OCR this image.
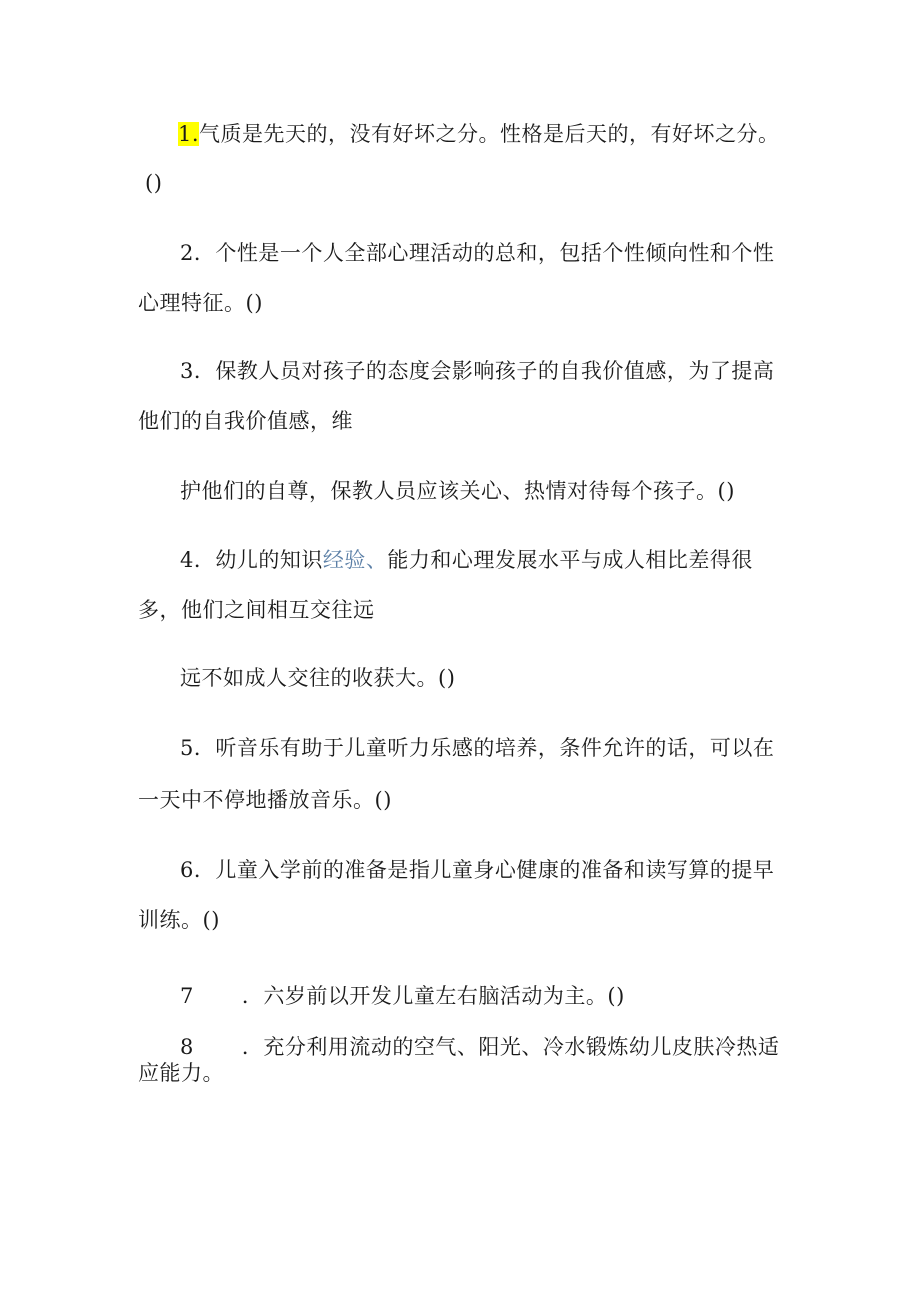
1.气质是先天的，没有好坏之分。性格是后天的，有好坏之分。
()
2．个性是一个人全部心理活动的总和，包括个性倾向性和个性
心理特征。()
3．保教人员对孩子的态度会影响孩子的自我价值感，为了提高
他们的自我价值感，维
护他们的自尊，保教人员应该关心、热情对待每个孩子。()
4．幼儿的知识经验、能力和心理发展水平与成人相比差得很
多，他们之间相互交往远
远不如成人交往的收获大。()
5．听音乐有助于儿童听力乐感的培养，条件允许的话，可以在
一天中不停地播放音乐。()
6．儿童入学前的准备是指儿童身心健康的准备和读写算的提早
训练。()
7 ．六岁前以开发儿童左右脑活动为主。()
8 ．充分利用流动的空气、阳光、冷水锻炼幼儿皮肤冷热适
应能力。
